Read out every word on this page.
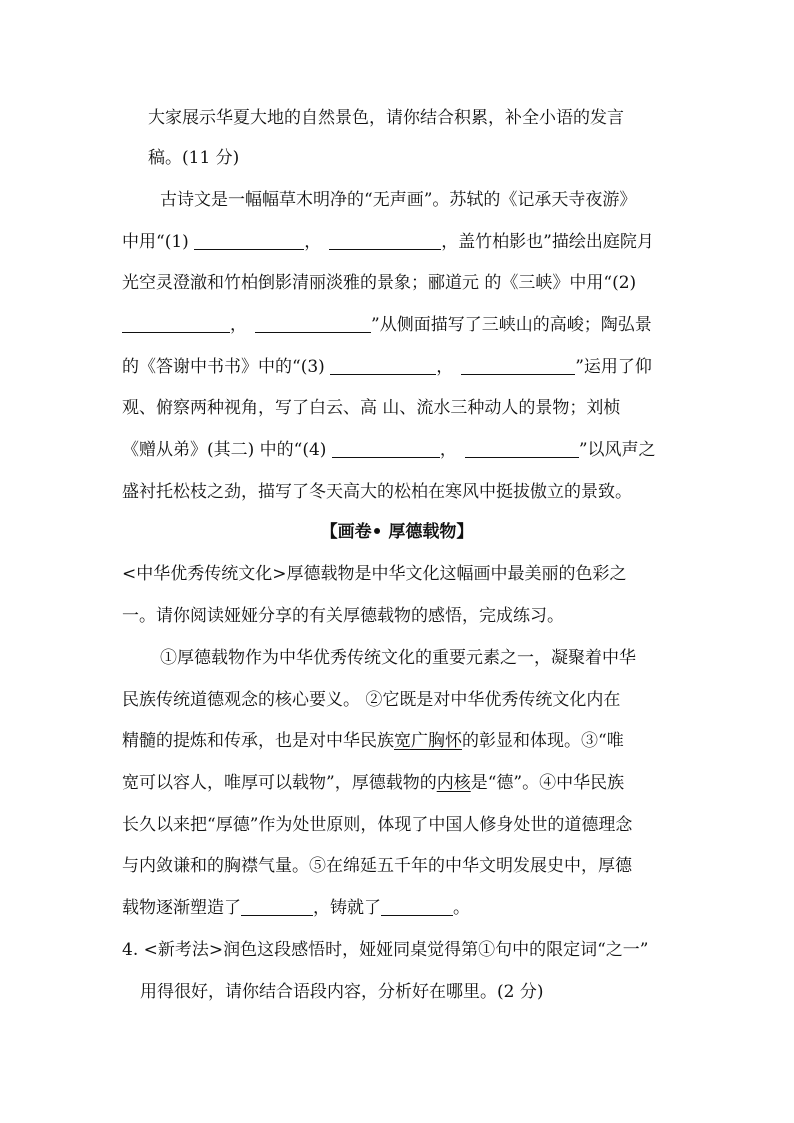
大家展示华夏大地的自然景色，请你结合积累，补全小语的发言
稿。(11 分)
古诗文是一幅幅草木明净的“无声画”。苏轼的《记承天寺夜游》
中用“(1)	，	，盖竹柏影也”描绘出庭院月
光空灵澄澈和竹柏倒影清丽淡雅的景象；郦道元 的《三峡》中用“(2)
，	”从侧面描写了三峡山的高峻；陶弘景
的《答谢中书书》中的“(3)	，	”运用了仰
观、俯察两种视角，写了白云、高 山、流水三种动人的景物；刘桢
《赠从弟》(其二) 中的“(4)	，	”以风声之
盛衬托松枝之劲，描写了冬天高大的松柏在寒风中挺拔傲立的景致。
【画卷• 厚德载物】
<中华优秀传统文化>厚德载物是中华文化这幅画中最美丽的色彩之
一。请你阅读娅娅分享的有关厚德载物的感悟，完成练习。
①厚德载物作为中华优秀传统文化的重要元素之一，凝聚着中华
民族传统道德观念的核心要义。 ②它既是对中华优秀传统文化内在
精髓的提炼和传承，也是对中华民族宽广胸怀的彰显和体现。③“唯
宽可以容人，唯厚可以载物”，厚德载物的内核是“德”。④中华民族
长久以来把“厚德”作为处世原则，体现了中国人修身处世的道德理念
与内敛谦和的胸襟气量。⑤在绵延五千年的中华文明发展史中，厚德
载物逐渐塑造了	，铸就了	。
4. <新考法>润色这段感悟时，娅娅同桌觉得第①句中的限定词“之一”
用得很好，请你结合语段内容，分析好在哪里。(2 分)
